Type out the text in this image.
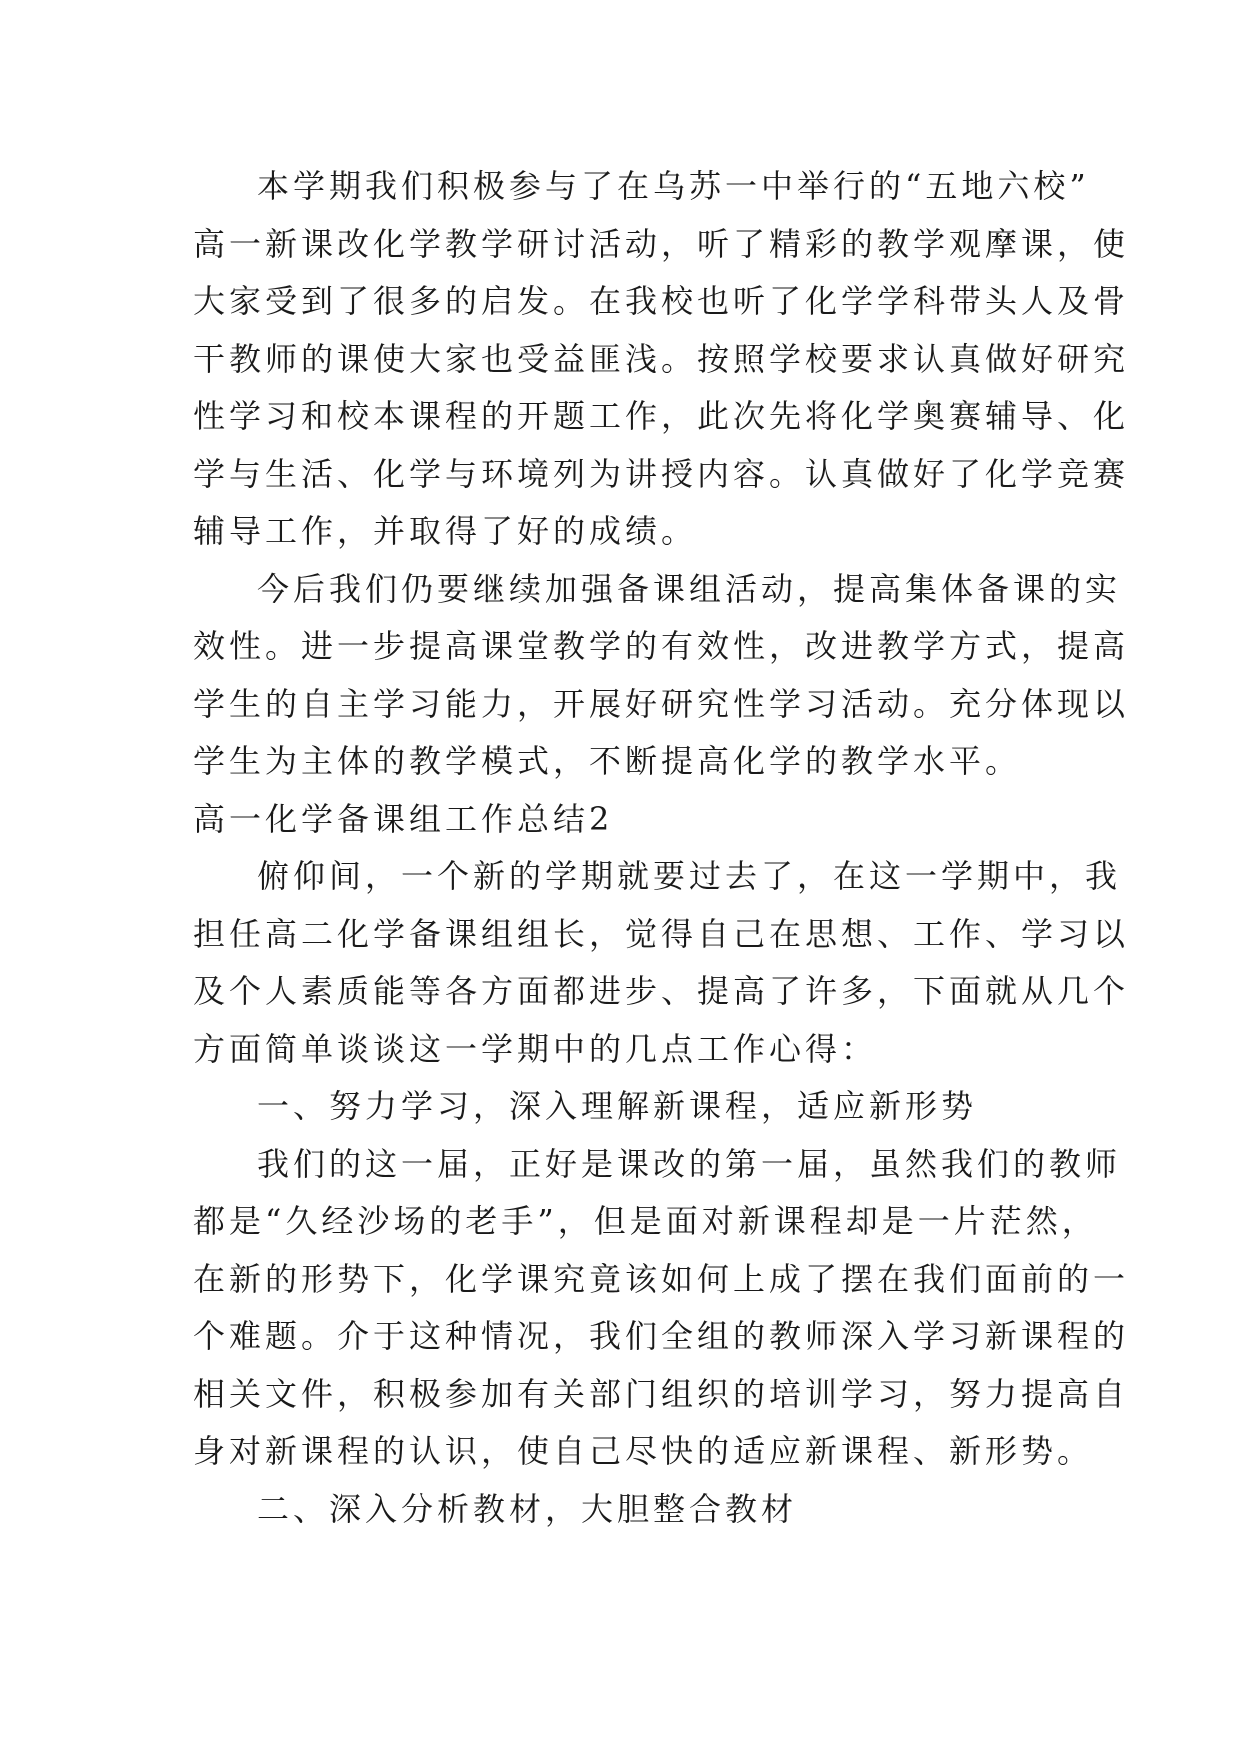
本学期我们积极参与了在乌苏一中举行的“五地六校”
高一新课改化学教学研讨活动，听了精彩的教学观摩课，使
大家受到了很多的启发。在我校也听了化学学科带头人及骨
干教师的课使大家也受益匪浅。按照学校要求认真做好研究
性学习和校本课程的开题工作，此次先将化学奥赛辅导、化
学与生活、化学与环境列为讲授内容。认真做好了化学竞赛
辅导工作，并取得了好的成绩。
今后我们仍要继续加强备课组活动，提高集体备课的实
效性。进一步提高课堂教学的有效性，改进教学方式，提高
学生的自主学习能力，开展好研究性学习活动。充分体现以
学生为主体的教学模式，不断提高化学的教学水平。
高一化学备课组工作总结2
俯仰间，一个新的学期就要过去了，在这一学期中，我
担任高二化学备课组组长，觉得自己在思想、工作、学习以
及个人素质能等各方面都进步、提高了许多，下面就从几个
方面简单谈谈这一学期中的几点工作心得：
一、努力学习，深入理解新课程，适应新形势
我们的这一届，正好是课改的第一届，虽然我们的教师
都是“久经沙场的老手”，但是面对新课程却是一片茫然，
在新的形势下，化学课究竟该如何上成了摆在我们面前的一
个难题。介于这种情况，我们全组的教师深入学习新课程的
相关文件，积极参加有关部门组织的培训学习，努力提高自
身对新课程的认识，使自己尽快的适应新课程、新形势。
二、深入分析教材，大胆整合教材
